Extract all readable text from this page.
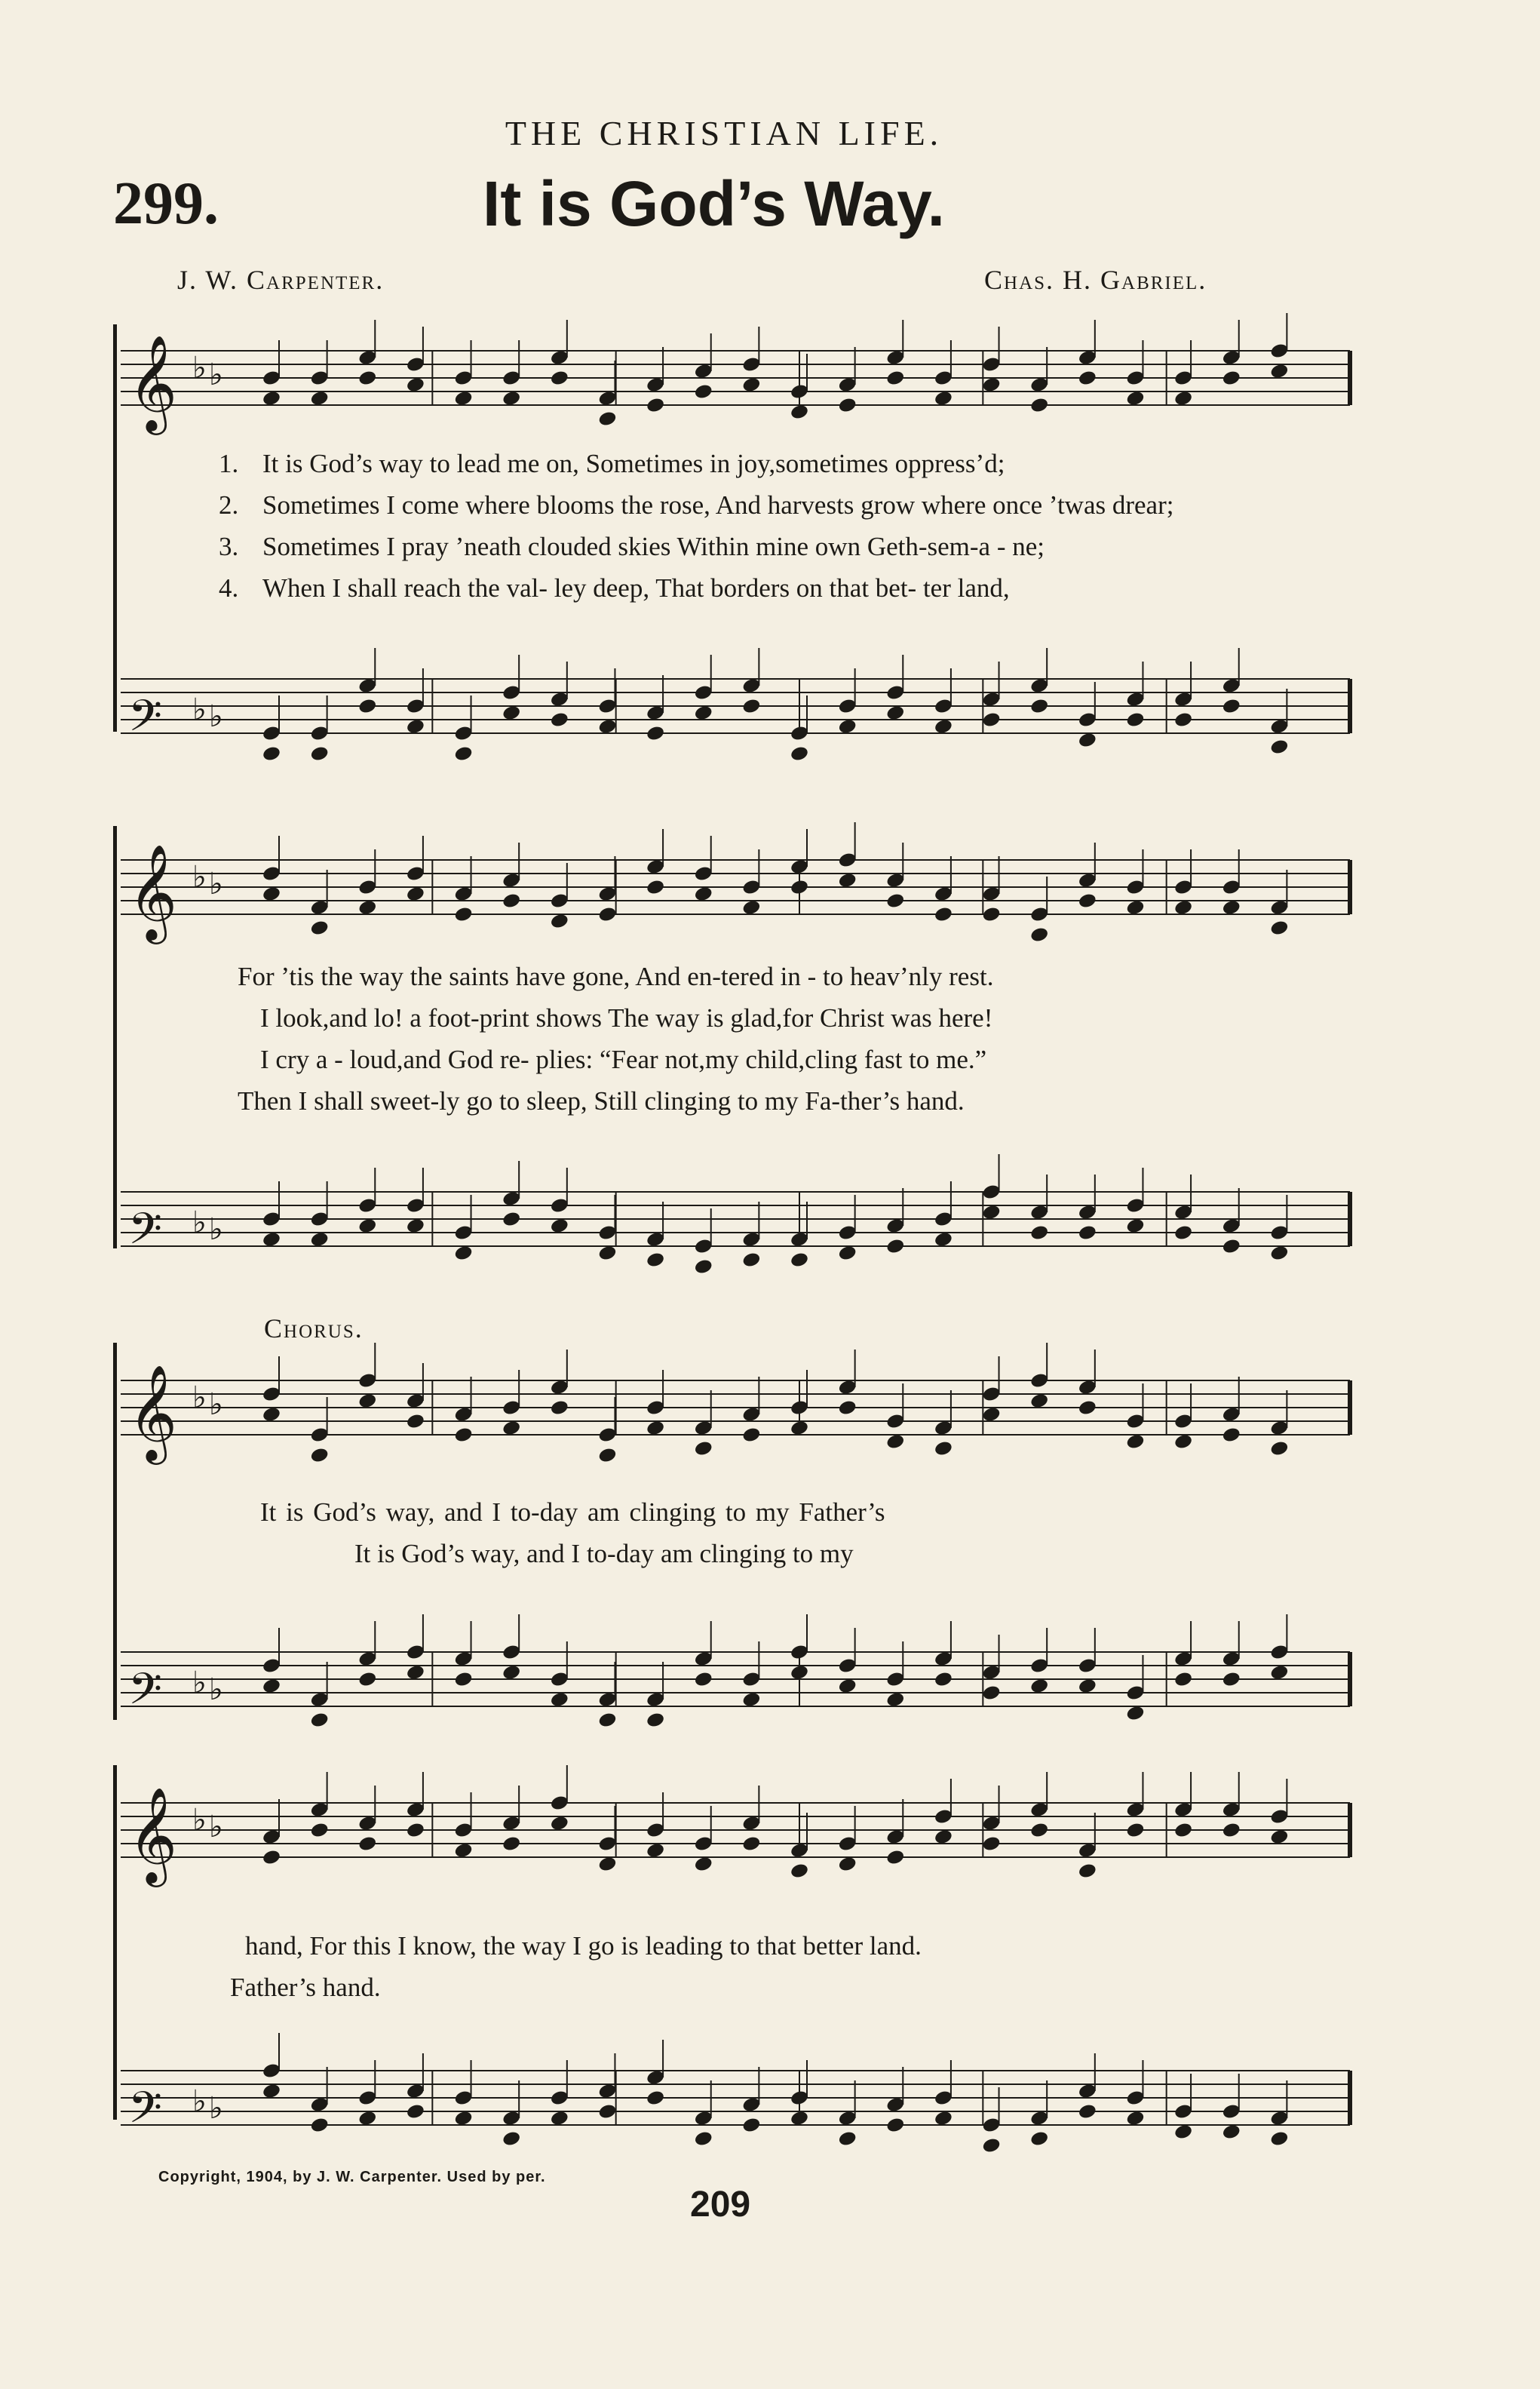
THE CHRISTIAN LIFE.
299.	It is God’s Way.
J. W. Carpenter.	Chas. H. Gabriel.
𝄞 ♭ ♭
𝄢 ♭ ♭
𝄞 ♭ ♭
𝄢 ♭ ♭
𝄞 ♭ ♭
𝄢 ♭ ♭
𝄞 ♭ ♭
𝄢 ♭ ♭
1. It is God’s way to lead me on, Sometimes in joy,sometimes oppress’d;
2. Sometimes I come where blooms the rose, And harvests grow where once ’twas drear;
3. Sometimes I pray ’neath clouded skies Within mine own Geth-sem-a - ne;
4. When I shall reach the val- ley deep, That borders on that bet- ter land,
For ’tis the way the saints have gone, And en-tered in - to heav’nly rest.
I look,and lo! a foot-print shows The way is glad,for Christ was here!
I cry a - loud,and God re- plies: “Fear not,my child,cling fast to me.”
Then I shall sweet-ly go to sleep, Still clinging to my Fa-ther’s hand.
Chorus.
It is God’s way, and I to-day am clinging to my Father’s
It is God’s way, and I to-day am clinging to my
hand, For this I know, the way I go is leading to that better land.
Father’s hand.
Copyright, 1904, by J. W. Carpenter. Used by per.
209
